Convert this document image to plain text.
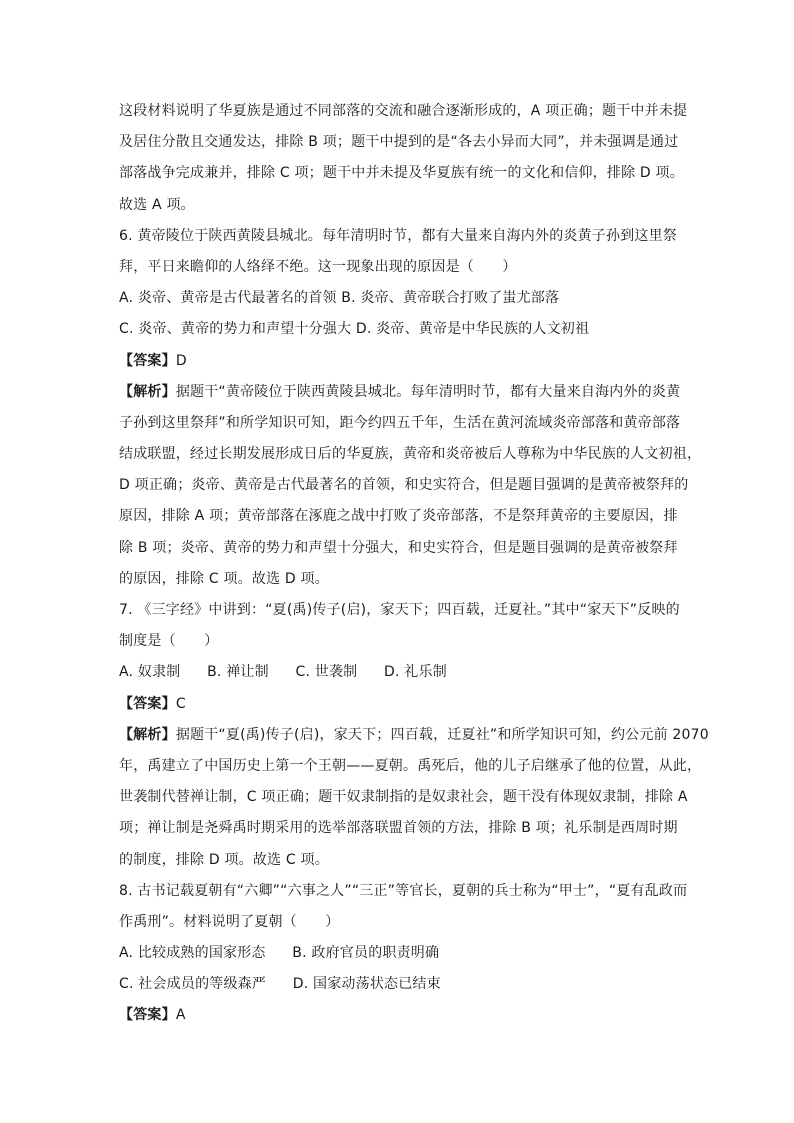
这段材料说明了华夏族是通过不同部落的交流和融合逐渐形成的，A 项正确；题干中并未提
及居住分散且交通发达，排除 B 项；题干中提到的是“各去小异而大同”，并未强调是通过
部落战争完成兼并，排除 C 项；题干中并未提及华夏族有统一的文化和信仰，排除 D 项。
故选 A 项。
6. 黄帝陵位于陕西黄陵县城北。每年清明时节，都有大量来自海内外的炎黄子孙到这里祭
拜，平日来瞻仰的人络绎不绝。这一现象出现的原因是（　　）
A. 炎帝、黄帝是古代最著名的首领 B. 炎帝、黄帝联合打败了蚩尤部落
C. 炎帝、黄帝的势力和声望十分强大 D. 炎帝、黄帝是中华民族的人文初祖
【答案】D
【解析】据题干“黄帝陵位于陕西黄陵县城北。每年清明时节，都有大量来自海内外的炎黄
子孙到这里祭拜”和所学知识可知，距今约四五千年，生活在黄河流域炎帝部落和黄帝部落
结成联盟，经过长期发展形成日后的华夏族，黄帝和炎帝被后人尊称为中华民族的人文初祖，
D 项正确；炎帝、黄帝是古代最著名的首领，和史实符合，但是题目强调的是黄帝被祭拜的
原因，排除 A 项；黄帝部落在涿鹿之战中打败了炎帝部落，不是祭拜黄帝的主要原因，排
除 B 项；炎帝、黄帝的势力和声望十分强大，和史实符合，但是题目强调的是黄帝被祭拜
的原因，排除 C 项。故选 D 项。
7. 《三字经》中讲到：“夏(禹)传子(启)，家天下；四百载，迁夏社。”其中“家天下”反映的
制度是（　　）
A. 奴隶制 B. 禅让制 C. 世袭制 D. 礼乐制
【答案】C
【解析】据题干“夏(禹)传子(启)，家天下；四百载，迁夏社”和所学知识可知，约公元前 2070
年，禹建立了中国历史上第一个王朝——夏朝。禹死后，他的儿子启继承了他的位置，从此，
世袭制代替禅让制，C 项正确；题干奴隶制指的是奴隶社会，题干没有体现奴隶制，排除 A
项；禅让制是尧舜禹时期采用的选举部落联盟首领的方法，排除 B 项；礼乐制是西周时期
的制度，排除 D 项。故选 C 项。
8. 古书记载夏朝有“六卿”“六事之人”“三正”等官长，夏朝的兵士称为“甲士”，“夏有乱政而
作禹刑”。材料说明了夏朝（　　）
A. 比较成熟的国家形态 B. 政府官员的职责明确
C. 社会成员的等级森严 D. 国家动荡状态已结束
【答案】A
